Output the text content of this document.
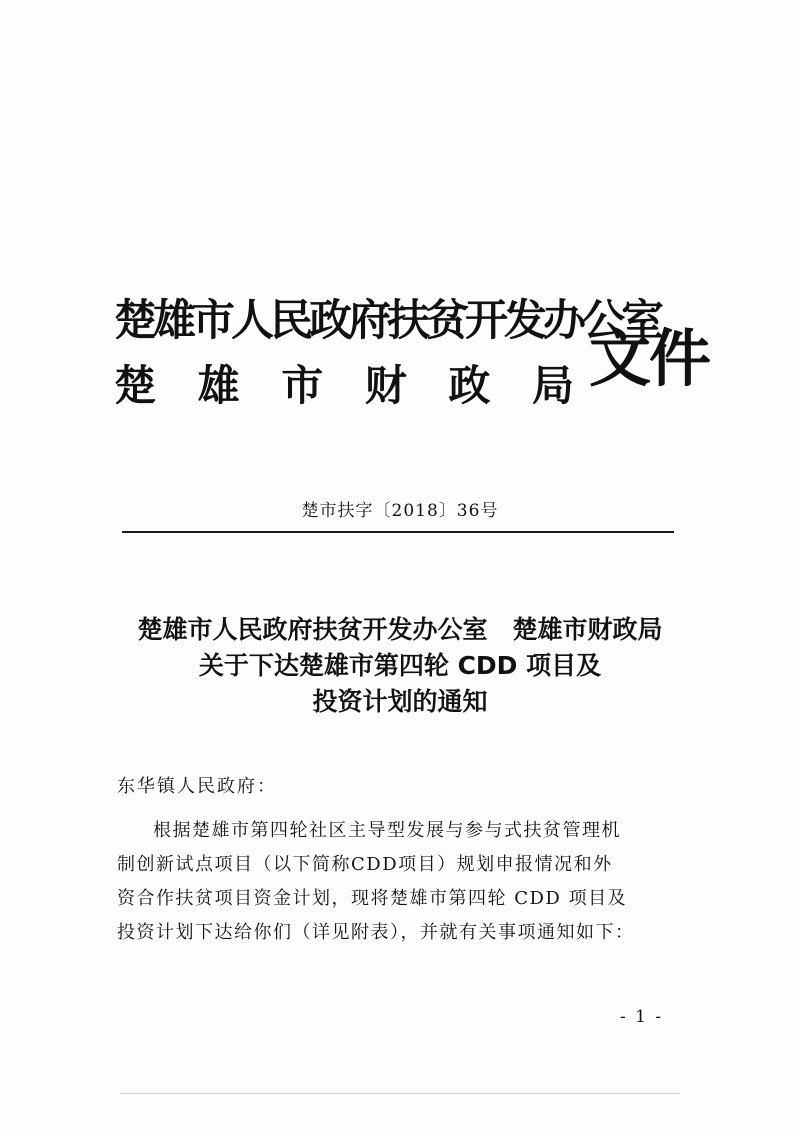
楚雄市人民政府扶贫开发办公室
楚 雄 市 财 政 局 文件
楚市扶字〔2018〕36号
楚雄市人民政府扶贫开发办公室　楚雄市财政局
关于下达楚雄市第四轮 CDD 项目及
投资计划的通知
东华镇人民政府：
根据楚雄市第四轮社区主导型发展与参与式扶贫管理机
制创新试点项目（以下简称CDD项目）规划申报情况和外
资合作扶贫项目资金计划，现将楚雄市第四轮 CDD 项目及
投资计划下达给你们（详见附表），并就有关事项通知如下：
- 1 -
